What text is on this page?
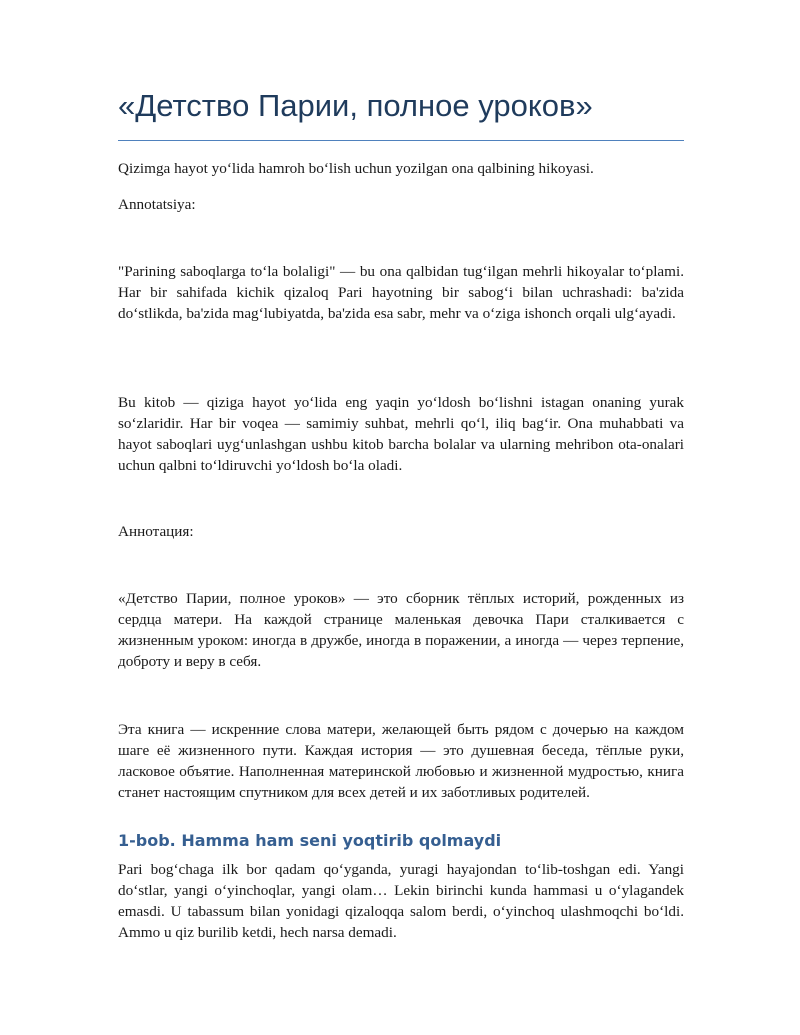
«Детство Парии, полное уроков»

Qizimga hayot yo‘lida hamroh bo‘lish uchun yozilgan ona qalbining hikoyasi.

Annotatsiya:

"Parining saboqlarga to‘la bolaligi" — bu ona qalbidan tug‘ilgan mehrli hikoyalar to‘plami. Har bir sahifada kichik qizaloq Pari hayotning bir sabog‘i bilan uchrashadi: ba'zida do‘stlikda, ba'zida mag‘lubiyatda, ba'zida esa sabr, mehr va o‘ziga ishonch orqali ulg‘ayadi.

Bu kitob — qiziga hayot yo‘lida eng yaqin yo‘ldosh bo‘lishni istagan onaning yurak so‘zlaridir. Har bir voqea — samimiy suhbat, mehrli qo‘l, iliq bag‘ir. Ona muhabbati va hayot saboqlari uyg‘unlashgan ushbu kitob barcha bolalar va ularning mehribon ota-onalari uchun qalbni to‘ldiruvchi yo‘ldosh bo‘la oladi.

Аннотация:

«Детство Парии, полное уроков» — это сборник тёплых историй, рожденных из сердца матери. На каждой странице маленькая девочка Пари сталкивается с жизненным уроком: иногда в дружбе, иногда в поражении, а иногда — через терпение, доброту и веру в себя.

Эта книга — искренние слова матери, желающей быть рядом с дочерью на каждом шаге её жизненного пути. Каждая история — это душевная беседа, тёплые руки, ласковое объятие. Наполненная материнской любовью и жизненной мудростью, книга станет настоящим спутником для всех детей и их заботливых родителей.

1-bob. Hamma ham seni yoqtirib qolmaydi

Pari bog‘chaga ilk bor qadam qo‘yganda, yuragi hayajondan to‘lib-toshgan edi. Yangi do‘stlar, yangi o‘yinchoqlar, yangi olam… Lekin birinchi kunda hammasi u o‘ylagandek emasdi. U tabassum bilan yonidagi qizaloqqa salom berdi, o‘yinchoq ulashmoqchi bo‘ldi. Ammo u qiz burilib ketdi, hech narsa demadi.
